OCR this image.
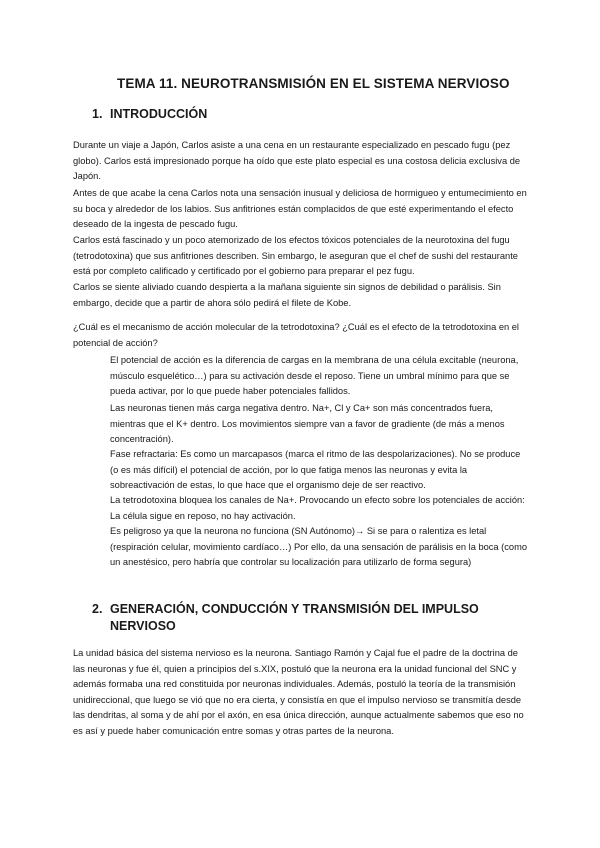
TEMA 11. NEUROTRANSMISIÓN EN EL SISTEMA NERVIOSO
1. INTRODUCCIÓN

Durante un viaje a Japón, Carlos asiste a una cena en un restaurante especializado en pescado fugu (pez globo). Carlos está impresionado porque ha oído que este plato especial es una costosa delicia exclusiva de Japón.

Antes de que acabe la cena Carlos nota una sensación inusual y deliciosa de hormigueo y entumecimiento en su boca y alrededor de los labios. Sus anfitriones están complacidos de que esté experimentando el efecto deseado de la ingesta de pescado fugu.

Carlos está fascinado y un poco atemorizado de los efectos tóxicos potenciales de la neurotoxina del fugu (tetrodotoxina) que sus anfitriones describen. Sin embargo, le aseguran que el chef de sushi del restaurante está por completo calificado y certificado por el gobierno para preparar el pez fugu.

Carlos se siente aliviado cuando despierta a la mañana siguiente sin signos de debilidad o parálisis. Sin embargo, decide que a partir de ahora sólo pedirá el filete de Kobe.

¿Cuál es el mecanismo de acción molecular de la tetrodotoxina? ¿Cuál es el efecto de la tetrodotoxina en el potencial de acción?

El potencial de acción es la diferencia de cargas en la membrana de una célula excitable (neurona, músculo esquelético…) para su activación desde el reposo. Tiene un umbral mínimo para que se pueda activar, por lo que puede haber potenciales fallidos.

Las neuronas tienen más carga negativa dentro. Na+, Cl y Ca+ son más concentrados fuera, mientras que el K+ dentro. Los movimientos siempre van a favor de gradiente (de más a menos concentración).

Fase refractaria: Es como un marcapasos (marca el ritmo de las despolarizaciones). No se produce (o es más difícil) el potencial de acción, por lo que fatiga menos las neuronas y evita la sobreactivación de estas, lo que hace que el organismo deje de ser reactivo.

La tetrodotoxina bloquea los canales de Na+. Provocando un efecto sobre los potenciales de acción: La célula sigue en reposo, no hay activación.

Es peligroso ya que la neurona no funciona (SN Autónomo)→ Si se para o ralentiza es letal (respiración celular, movimiento cardíaco…) Por ello, da una sensación de parálisis en la boca (como un anestésico, pero habría que controlar su localización para utilizarlo de forma segura)

2. GENERACIÓN, CONDUCCIÓN Y TRANSMISIÓN DEL IMPULSO NERVIOSO

La unidad básica del sistema nervioso es la neurona. Santiago Ramón y Cajal fue el padre de la doctrina de las neuronas y fue él, quien a principios del s.XIX, postuló que la neurona era la unidad funcional del SNC y además formaba una red constituida por neuronas individuales. Además, postuló la teoría de la transmisión unidireccional, que luego se vió que no era cierta, y consistía en que el impulso nervioso se transmitía desde las dendritas, al soma y de ahí por el axón, en esa única dirección, aunque actualmente sabemos que eso no es así y puede haber comunicación entre somas y otras partes de la neurona.
